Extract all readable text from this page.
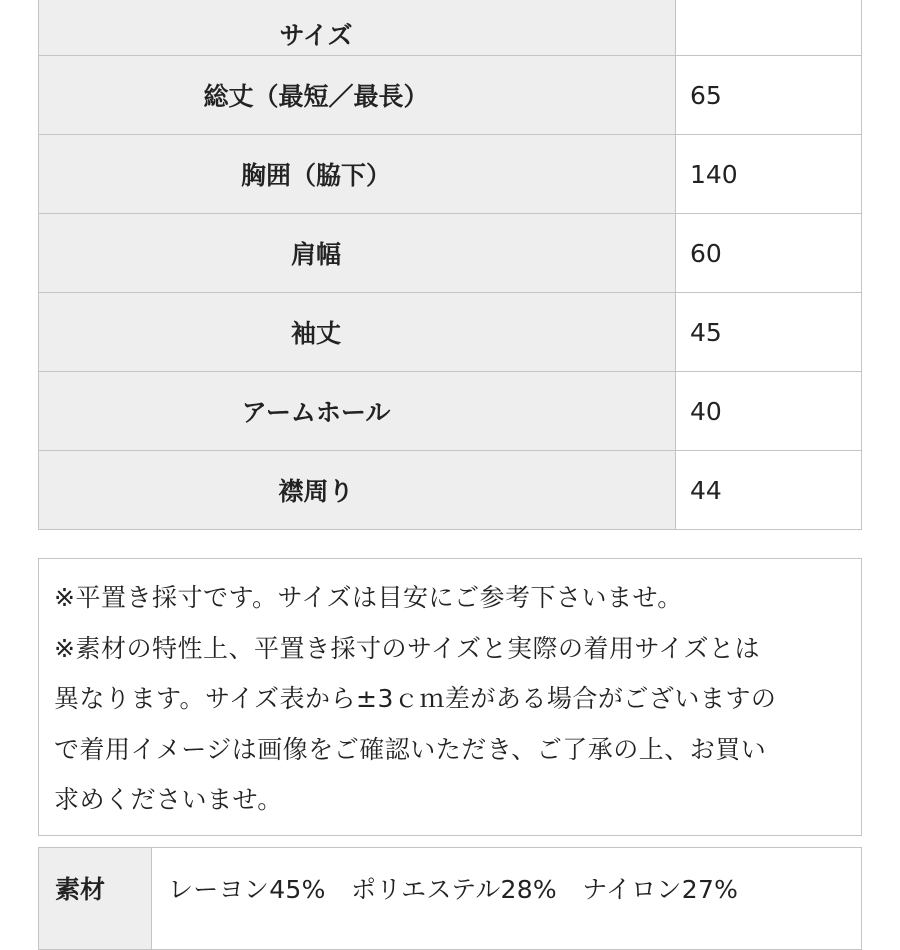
サイズ	
総丈（最短／最長）	65
胸囲（脇下）	140
肩幅	60
袖丈	45
アームホール	40
襟周り	44

※平置き採寸です。サイズは目安にご参考下さいませ。

※素材の特性上、平置き採寸のサイズと実際の着用サイズとは

異なります。サイズ表から±3ｃｍ差がある場合がございますの

で着用イメージは画像をご確認いただき、ご了承の上、お買い

求めくださいませ。

素材	レーヨン45%　ポリエステル28%　ナイロン27%
